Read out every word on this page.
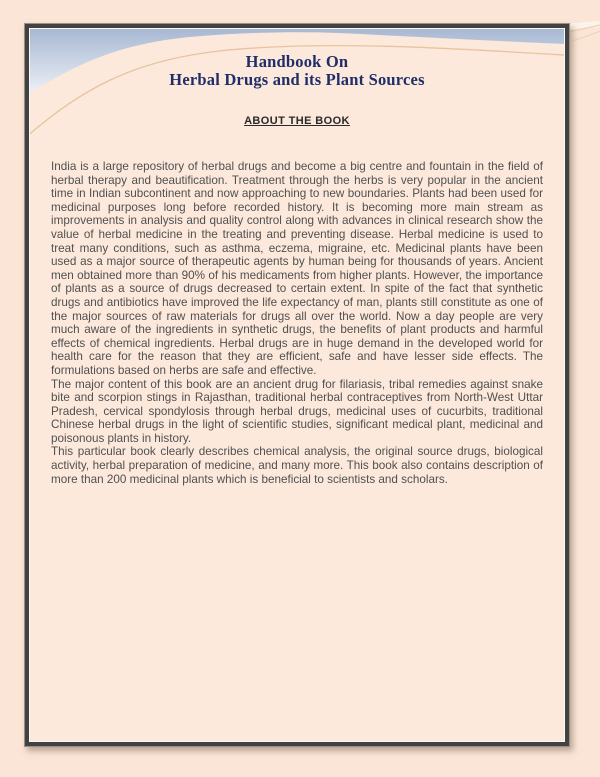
Handbook On
Herbal Drugs and its Plant Sources
ABOUT THE BOOK

India is a large repository of herbal drugs and become a big centre and fountain in the field of herbal therapy and beautification. Treatment through the herbs is very popular in the ancient time in Indian subcontinent and now approaching to new boundaries. Plants had been used for medicinal purposes long before recorded history. It is becoming more main stream as improvements in analysis and quality control along with advances in clinical research show the value of herbal medicine in the treating and preventing disease. Herbal medicine is used to treat many conditions, such as asthma, eczema, migraine, etc. Medicinal plants have been used as a major source of therapeutic agents by human being for thousands of years. Ancient men obtained more than 90% of his medicaments from higher plants. However, the importance of plants as a source of drugs decreased to certain extent. In spite of the fact that synthetic drugs and antibiotics have improved the life expectancy of man, plants still constitute as one of the major sources of raw materials for drugs all over the world. Now a day people are very much aware of the ingredients in synthetic drugs, the benefits of plant products and harmful effects of chemical ingredients. Herbal drugs are in huge demand in the developed world for health care for the reason that they are efficient, safe and have lesser side effects. The formulations based on herbs are safe and effective.

The major content of this book are an ancient drug for filariasis, tribal remedies against snake bite and scorpion stings in Rajasthan, traditional herbal contraceptives from North-West Uttar Pradesh, cervical spondylosis through herbal drugs, medicinal uses of cucurbits, traditional Chinese herbal drugs in the light of scientific studies, significant medical plant, medicinal and poisonous plants in history.

This particular book clearly describes chemical analysis, the original source drugs, biological activity, herbal preparation of medicine, and many more. This book also contains description of more than 200 medicinal plants which is beneficial to scientists and scholars.
